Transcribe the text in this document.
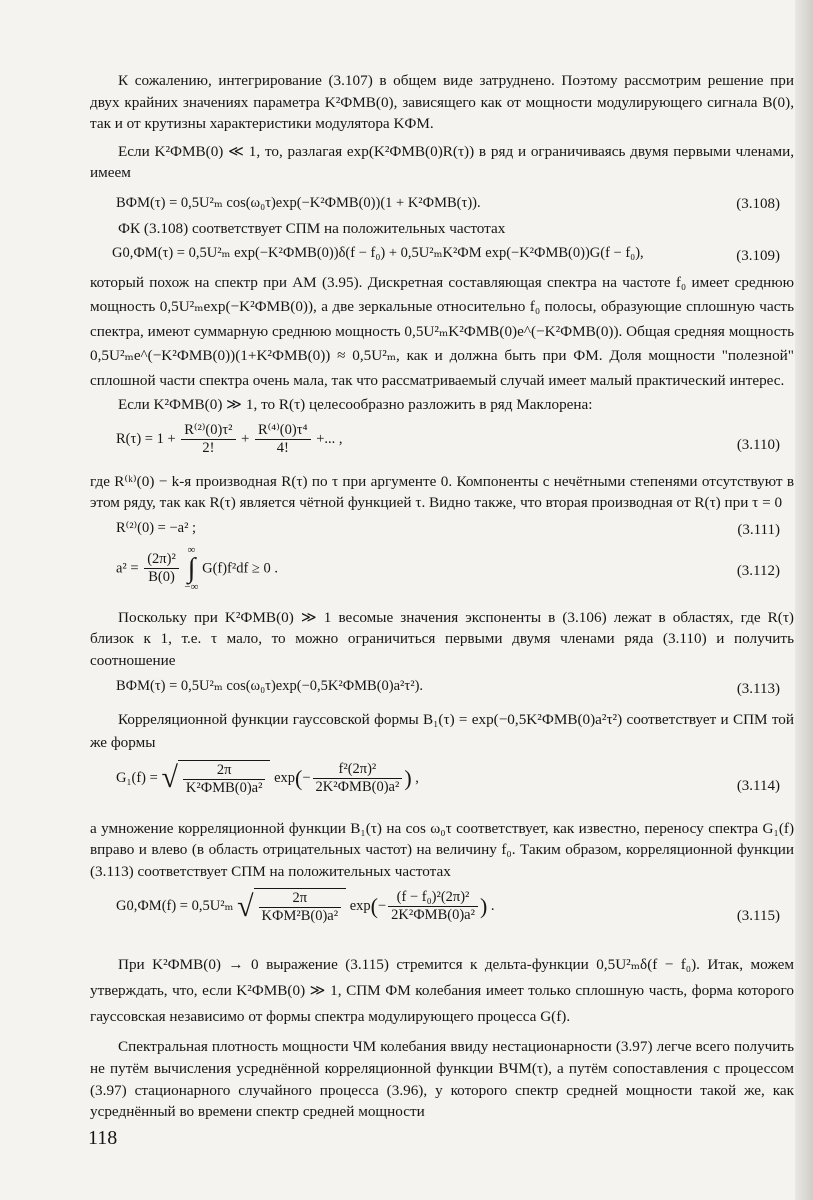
К сожалению, интегрирование (3.107) в общем виде затруднено. Поэтому рассмотрим решение при двух крайних значениях параметра K²ФМB(0), зависящего как от мощности модулирующего сигнала B(0), так и от крутизны характеристики модулятора KФМ.

Если K²ФМB(0) ≪ 1, то, разлагая exp(K²ФМB(0)R(τ)) в ряд и ограничиваясь двумя первыми членами, имеем

BФМ(τ) = 0,5U²ₘ cos(ω₀τ)exp(−K²ФМB(0))(1 + K²ФМB(τ)).	(3.108)

ФК (3.108) соответствует СПМ на положительных частотах

G0,ФМ(τ) = 0,5U²ₘ exp(−K²ФМB(0))δ(f − f₀) + 0,5U²ₘK²ФМ exp(−K²ФМB(0))G(f − f₀),	(3.109)

который похож на спектр при АМ (3.95). Дискретная составляющая спектра на частоте f₀ имеет среднюю мощность 0,5U²ₘexp(−K²ФМB(0)), а две зеркальные относительно f₀ полосы, образующие сплошную часть спектра, имеют суммарную среднюю мощность 0,5U²ₘK²ФМB(0)e^(−K²ФМB(0)). Общая средняя мощность 0,5U²ₘe^(−K²ФМB(0))(1+K²ФМB(0)) ≈ 0,5U²ₘ, как и должна быть при ФМ. Доля мощности "полезной" сплошной части спектра очень мала, так что рассматриваемый случай имеет малый практический интерес.

Если K²ФМB(0) ≫ 1, то R(τ) целесообразно разложить в ряд Маклорена:

$R(\tau) = 1 + \frac{\text{R⁽²⁾(0)τ²}}{2!} + \frac{\text{R⁽⁴⁾(0)τ⁴}}{4!}$ +... ,	(3.110)

где R⁽ᵏ⁾(0) − k-я производная R(τ) по τ при аргументе 0. Компоненты с нечётными степенями отсутствуют в этом ряду, так как R(τ) является чётной функцией τ. Видно также, что вторая производная от R(τ) при τ = 0

R⁽²⁾(0) = −a² ;	(3.111)
$a^2 = \frac{\text{(2π)²}}{B(0)}$
∞
∫
−∞ G(f)f²df ≥ 0 .	(3.112)

Поскольку при K²ФМB(0) ≫ 1 весомые значения экспоненты в (3.106) лежат в областях, где R(τ) близок к 1, т.е. τ мало, то можно ограничиться первыми двумя членами ряда (3.110) и получить соотношение

BФМ(τ) = 0,5U²ₘ cos(ω₀τ)exp(−0,5K²ФМB(0)a²τ²).	(3.113)

Корреляционной функции гауссовской формы B₁(τ) = exp(−0,5K²ФМB(0)a²τ²) соответствует и СПМ той же формы

G₁(f) = √ $\frac{2\pi}{\text{K²ФМB(0)a²}} \exp(- \frac{\text{f²(2π)²}}{\text{2K²ФМB(0)a²}}$ ) ,
(3.114)

а умножение корреляционной функции B₁(τ) на cos ω₀τ соответствует, как известно, переносу спектра G₁(f) вправо и влево (в область отрицательных частот) на величину f₀. Таким образом, корреляционной функции (3.113) соответствует СПМ на положительных частотах

G0,ФМ(f) = 0,5U²ₘ √ $\frac{2\pi}{\text{KФМ²B(0)a²}} \exp(- \frac{\text{(f − f₀)²(2π)²}}{\text{2K²ФМB(0)a²}}$ ) .
(3.115)

При K²ФМB(0) → 0 выражение (3.115) стремится к дельта-функции 0,5U²ₘδ(f − f₀). Итак, можем утверждать, что, если K²ФМB(0) ≫ 1, СПМ ФМ колебания имеет только сплошную часть, форма которого гауссовская независимо от формы спектра модулирующего процесса G(f).

Спектральная плотность мощности ЧМ колебания ввиду нестационарности (3.97) легче всего получить не путём вычисления усреднённой корреляционной функции BЧМ(τ), а путём сопоставления с процессом (3.97) стационарного случайного процесса (3.96), у которого спектр средней мощности такой же, как усреднённый во времени спектр средней мощности

118
